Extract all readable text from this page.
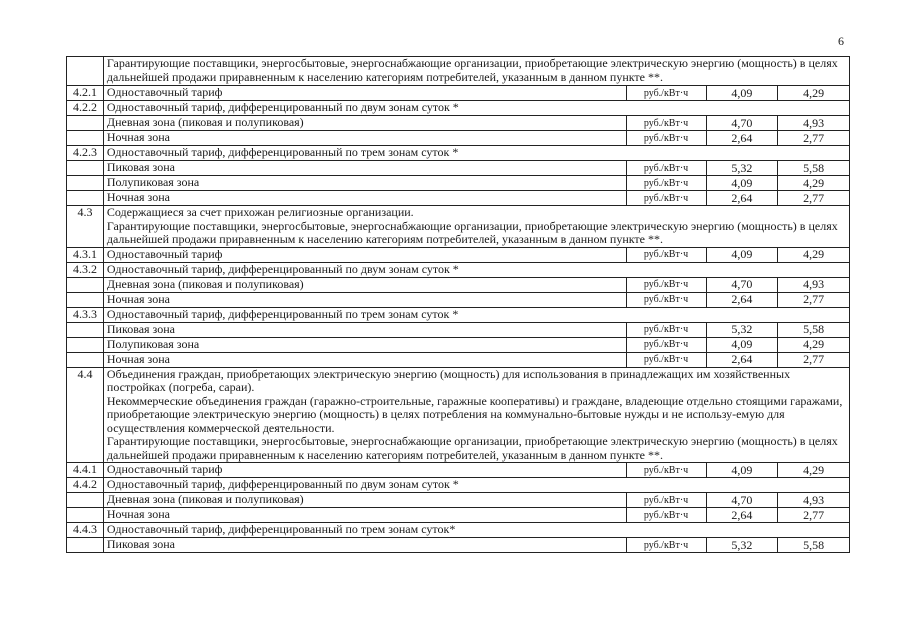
6

	Гарантирующие поставщики, энергосбытовые, энергоснабжающие организации, приобретающие электрическую энергию (мощность) в целях дальнейшей продажи приравненным к населению категориям потребителей, указанным в данном пункте **.			

4.2.1	Одноставочный тариф	руб./кВт·ч	4,09	4,29
4.2.2	Одноставочный тариф, дифференцированный по двум зонам суток *			
	Дневная зона (пиковая и полупиковая)	руб./кВт·ч	4,70	4,93
	Ночная зона	руб./кВт·ч	2,64	2,77
4.2.3	Одноставочный тариф, дифференцированный по трем зонам суток *			
	Пиковая зона	руб./кВт·ч	5,32	5,58
	Полупиковая зона	руб./кВт·ч	4,09	4,29
	Ночная зона	руб./кВт·ч	2,64	2,77
4.3	Содержащиеся за счет прихожан религиозные организации.
Гарантирующие поставщики, энергосбытовые, энергоснабжающие организации, приобретающие электрическую энергию (мощность) в целях дальнейшей продажи приравненным к населению категориям потребителей, указанным в данном пункте **.			

4.3.1	Одноставочный тариф	руб./кВт·ч	4,09	4,29
4.3.2	Одноставочный тариф, дифференцированный по двум зонам суток *			
	Дневная зона (пиковая и полупиковая)	руб./кВт·ч	4,70	4,93
	Ночная зона	руб./кВт·ч	2,64	2,77
4.3.3	Одноставочный тариф, дифференцированный по трем зонам суток *			
	Пиковая зона	руб./кВт·ч	5,32	5,58
	Полупиковая зона	руб./кВт·ч	4,09	4,29
	Ночная зона	руб./кВт·ч	2,64	2,77
4.4	Объединения граждан, приобретающих электрическую энергию (мощность) для использования в принадлежащих им хозяйственных постройках (погреба, сараи).
Некоммерческие объединения граждан (гаражно-строительные, гаражные кооперативы) и граждане, владеющие отдельно стоящими гаражами, приобретающие электрическую энергию (мощность) в целях потребления на коммунально-бытовые нужды и не использу-емую для осуществления коммерческой деятельности.
Гарантирующие поставщики, энергосбытовые, энергоснабжающие организации, приобретающие электрическую энергию (мощность) в целях дальнейшей продажи приравненным к населению категориям потребителей, указанным в данном пункте **.			

4.4.1	Одноставочный тариф	руб./кВт·ч	4,09	4,29
4.4.2	Одноставочный тариф, дифференцированный по двум зонам суток *			
	Дневная зона (пиковая и полупиковая)	руб./кВт·ч	4,70	4,93
	Ночная зона	руб./кВт·ч	2,64	2,77
4.4.3	Одноставочный тариф, дифференцированный по трем зонам суток*			
	Пиковая зона	руб./кВт·ч	5,32	5,58
